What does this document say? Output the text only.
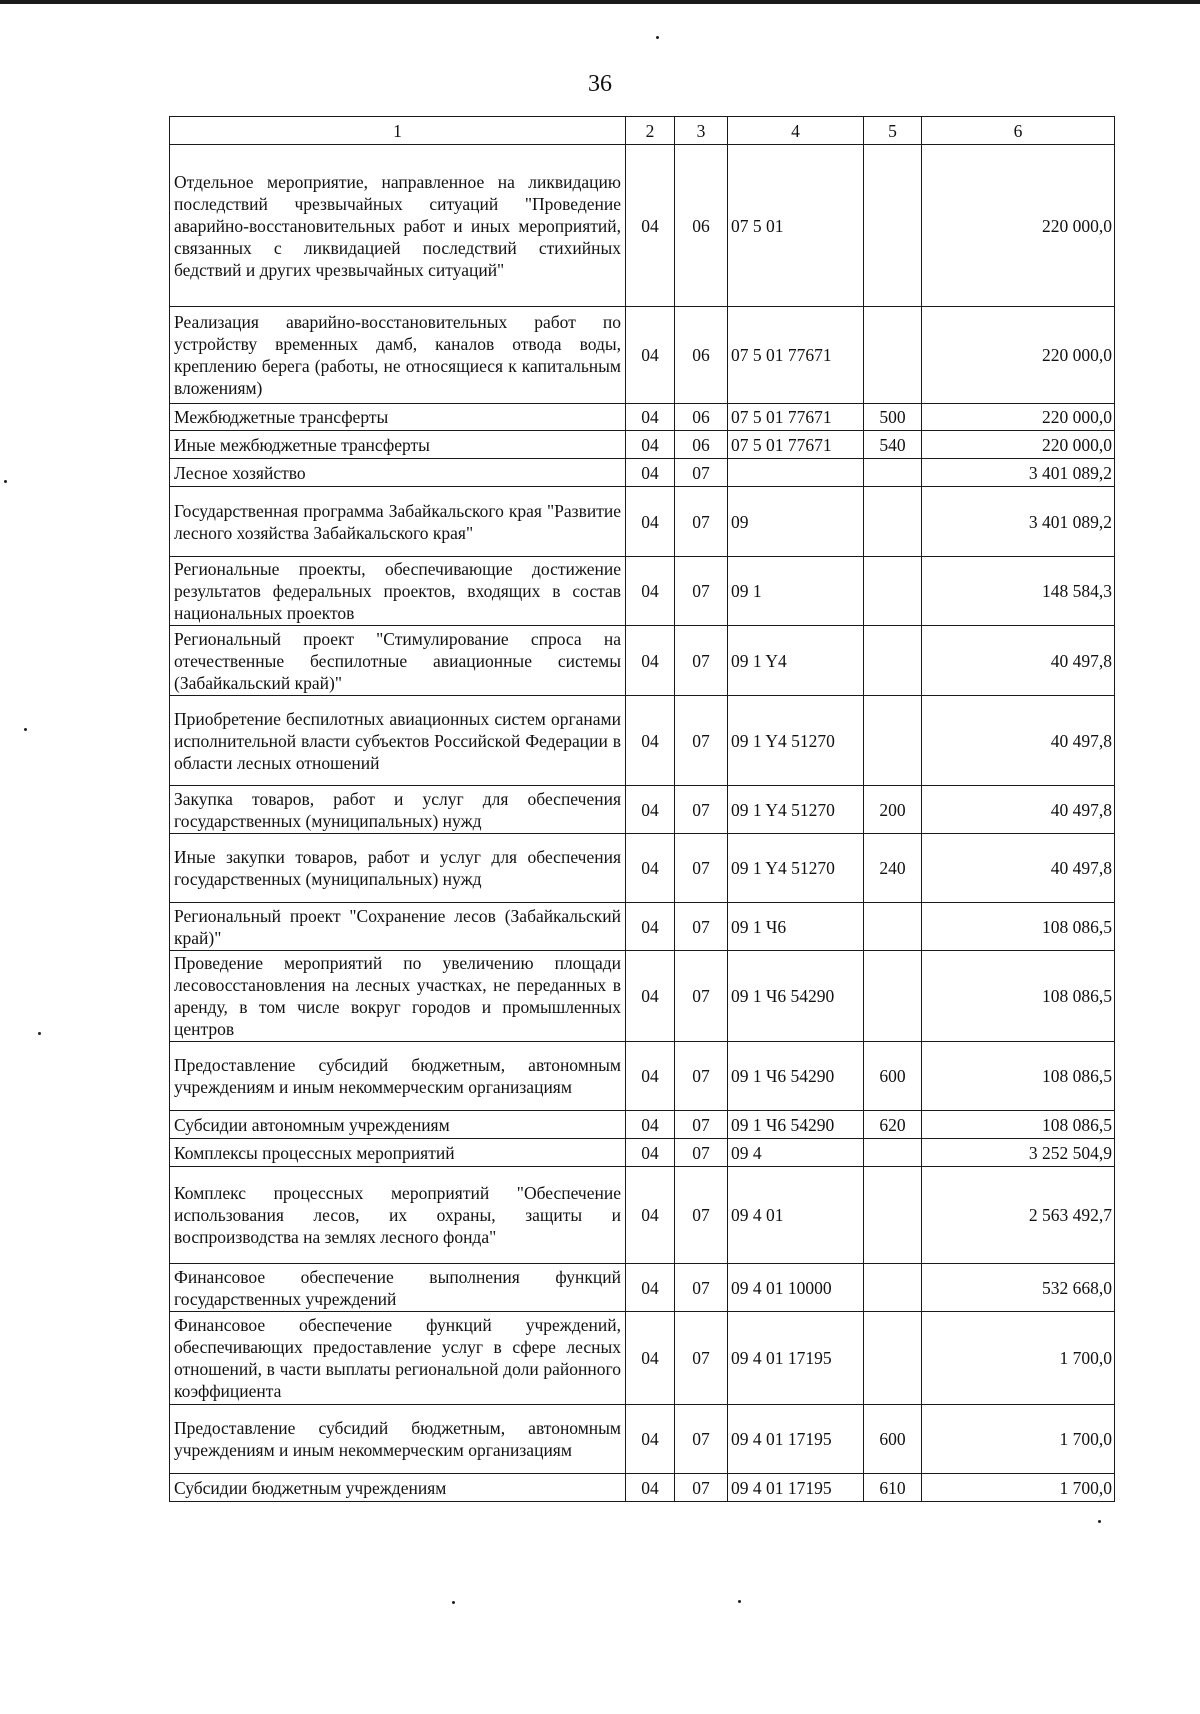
36
1	2	3	4	5	6
Отдельное мероприятие, направленное на ликвидацию последствий чрезвычайных ситуаций "Проведение аварийно-восстановительных работ и иных мероприятий, связанных с ликвидацией последствий стихийных бедствий и других чрезвычайных ситуаций"	04	06	07 5 01		220 000,0
Реализация аварийно-восстановительных работ по устройству временных дамб, каналов отвода воды, креплению берега (работы, не относящиеся к капитальным вложениям)	04	06	07 5 01 77671		220 000,0
Межбюджетные трансферты	04	06	07 5 01 77671	500	220 000,0
Иные межбюджетные трансферты	04	06	07 5 01 77671	540	220 000,0
Лесное хозяйство	04	07			3 401 089,2
Государственная программа Забайкальского края "Развитие лесного хозяйства Забайкальского края"	04	07	09		3 401 089,2
Региональные проекты, обеспечивающие достижение результатов федеральных проектов, входящих в состав национальных проектов	04	07	09 1		148 584,3
Региональный проект "Стимулирование спроса на отечественные беспилотные авиационные системы (Забайкальский край)"	04	07	09 1 Y4		40 497,8
Приобретение беспилотных авиационных систем органами исполнительной власти субъектов Российской Федерации в области лесных отношений	04	07	09 1 Y4 51270		40 497,8
Закупка товаров, работ и услуг для обеспечения государственных (муниципальных) нужд	04	07	09 1 Y4 51270	200	40 497,8
Иные закупки товаров, работ и услуг для обеспечения государственных (муниципальных) нужд	04	07	09 1 Y4 51270	240	40 497,8
Региональный проект "Сохранение лесов (Забайкальский край)"	04	07	09 1 Ч6		108 086,5
Проведение мероприятий по увеличению площади лесовосстановления на лесных участках, не переданных в аренду, в том числе вокруг городов и промышленных центров	04	07	09 1 Ч6 54290		108 086,5
Предоставление субсидий бюджетным, автономным учреждениям и иным некоммерческим организациям	04	07	09 1 Ч6 54290	600	108 086,5
Субсидии автономным учреждениям	04	07	09 1 Ч6 54290	620	108 086,5
Комплексы процессных мероприятий	04	07	09 4		3 252 504,9
Комплекс процессных мероприятий "Обеспечение использования лесов, их охраны, защиты и воспроизводства на землях лесного фонда"	04	07	09 4 01		2 563 492,7
Финансовое обеспечение выполнения функций государственных учреждений	04	07	09 4 01 10000		532 668,0
Финансовое обеспечение функций учреждений, обеспечивающих предоставление услуг в сфере лесных отношений, в части выплаты региональной доли районного коэффициента	04	07	09 4 01 17195		1 700,0
Предоставление субсидий бюджетным, автономным учреждениям и иным некоммерческим организациям	04	07	09 4 01 17195	600	1 700,0
Субсидии бюджетным учреждениям	04	07	09 4 01 17195	610	1 700,0
